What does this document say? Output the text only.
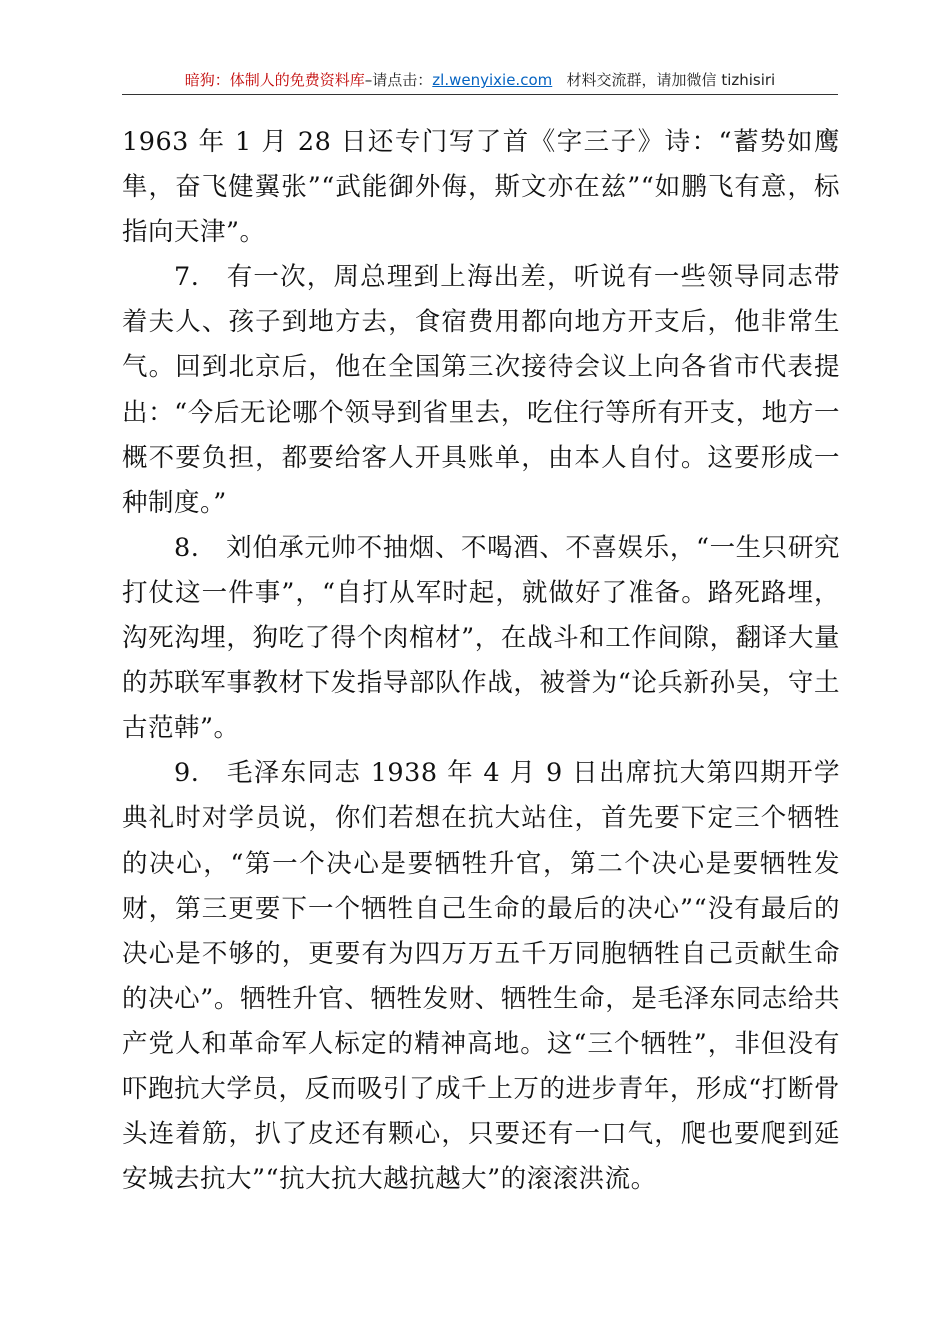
暗狗：体制人的免费资料库–请点击：zl.wenyixie.com 材料交流群，请加微信 tizhisiri

1963 年 1 月 28 日还专门写了首《字三子》诗：“蓄势如鹰隼，奋飞健翼张”“武能御外侮，斯文亦在兹”“如鹏飞有意，标指向天津”。

7. 有一次，周总理到上海出差，听说有一些领导同志带着夫人、孩子到地方去，食宿费用都向地方开支后，他非常生气。回到北京后，他在全国第三次接待会议上向各省市代表提出：“今后无论哪个领导到省里去，吃住行等所有开支，地方一概不要负担，都要给客人开具账单，由本人自付。这要形成一种制度。”

8. 刘伯承元帅不抽烟、不喝酒、不喜娱乐，“一生只研究打仗这一件事”，“自打从军时起，就做好了准备。路死路埋，沟死沟埋，狗吃了得个肉棺材”，在战斗和工作间隙，翻译大量的苏联军事教材下发指导部队作战，被誉为“论兵新孙吴，守土古范韩”。

9. 毛泽东同志 1938 年 4 月 9 日出席抗大第四期开学典礼时对学员说，你们若想在抗大站住，首先要下定三个牺牲的决心，“第一个决心是要牺牲升官，第二个决心是要牺牲发财，第三更要下一个牺牲自己生命的最后的决心”“没有最后的决心是不够的，更要有为四万万五千万同胞牺牲自己贡献生命的决心”。牺牲升官、牺牲发财、牺牲生命，是毛泽东同志给共产党人和革命军人标定的精神高地。这“三个牺牲”，非但没有吓跑抗大学员，反而吸引了成千上万的进步青年，形成“打断骨头连着筋，扒了皮还有颗心，只要还有一口气，爬也要爬到延安城去抗大”“抗大抗大越抗越大”的滚滚洪流。
